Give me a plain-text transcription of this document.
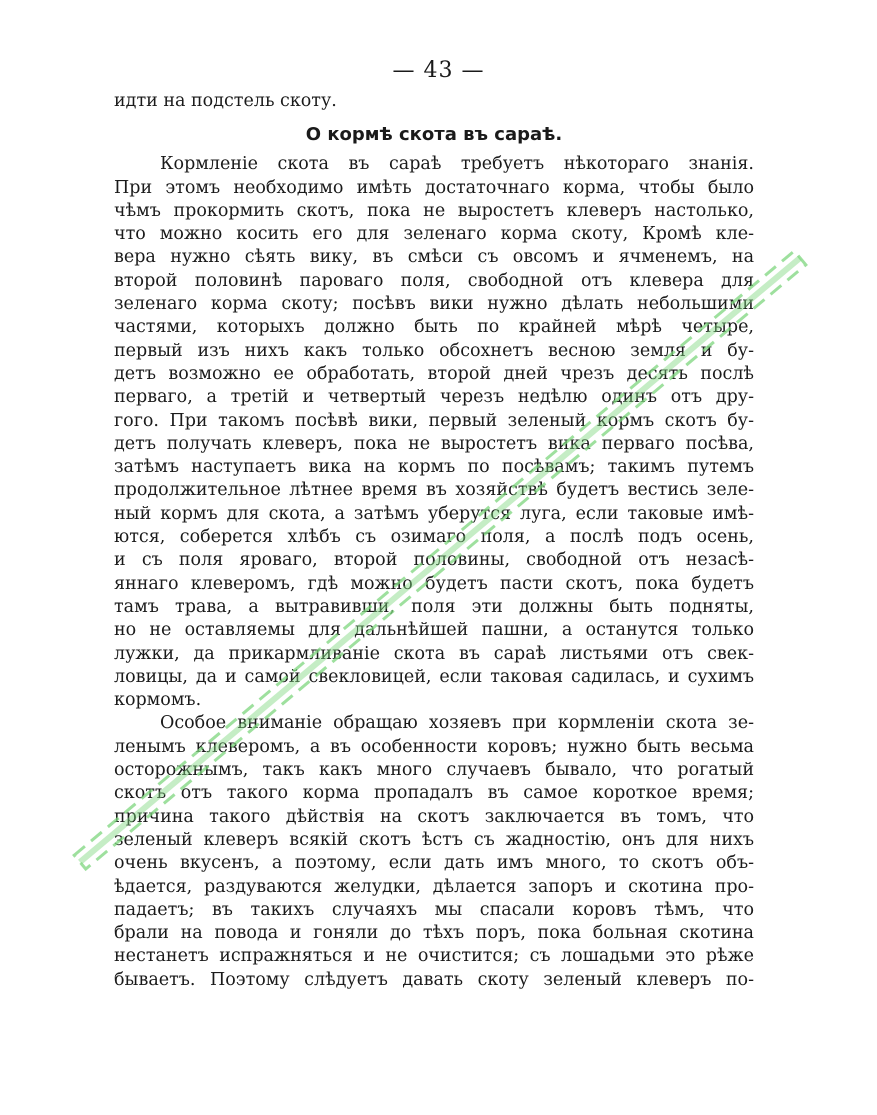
— 43 —
идти на подстель скоту.
О кормѣ скота въ сараѣ.
Кормленіе скота въ сараѣ требуетъ нѣкотораго знанія.
При этомъ необходимо имѣть достаточнаго корма, чтобы было
чѣмъ прокормить скотъ, пока не выростетъ клеверъ настолько,
что можно косить его для зеленаго корма скоту, Кромѣ кле-
вера нужно сѣять вику, въ смѣси съ овсомъ и ячменемъ, на
второй половинѣ пароваго поля, свободной отъ клевера для
зеленаго корма скоту; посѣвъ вики нужно дѣлать небольшими
частями, которыхъ должно быть по крайней мѣрѣ четыре,
первый изъ нихъ какъ только обсохнетъ весною земля и бу-
детъ возможно ее обработать, второй дней чрезъ десять послѣ
перваго, а третій и четвертый черезъ недѣлю одинъ отъ дру-
гого. При такомъ посѣвѣ вики, первый зеленый кормъ скотъ бу-
детъ получать клеверъ, пока не выростетъ вика перваго посѣва,
затѣмъ наступаетъ вика на кормъ по посѣвамъ; такимъ путемъ
продолжительное лѣтнее время въ хозяйствѣ будетъ вестись зеле-
ный кормъ для скота, а затѣмъ уберутся луга, если таковые имѣ-
ются, соберется хлѣбъ съ озимаго поля, а послѣ подъ осень,
и съ поля яроваго, второй половины, свободной отъ незасѣ-
яннаго клеверомъ, гдѣ можно будетъ пасти скотъ, пока будетъ
тамъ трава, а вытравивши, поля эти должны быть подняты,
но не оставляемы для дальнѣйшей пашни, а останутся только
лужки, да прикармливаніе скота въ сараѣ листьями отъ свек-
ловицы, да и самой свекловицей, если таковая садилась, и сухимъ
кормомъ.
Особое вниманіе обращаю хозяевъ при кормленіи скота зе-
ленымъ клеверомъ, а въ особенности коровъ; нужно быть весьма
осторожнымъ, такъ какъ много случаевъ бывало, что рогатый
скотъ отъ такого корма пропадалъ въ самое короткое время;
причина такого дѣйствія на скотъ заключается въ томъ, что
зеленый клеверъ всякій скотъ ѣстъ съ жадностію, онъ для нихъ
очень вкусенъ, а поэтому, если дать имъ много, то скотъ объ-
ѣдается, раздуваются желудки, дѣлается запоръ и скотина про-
падаетъ; въ такихъ случаяхъ мы спасали коровъ тѣмъ, что
брали на повода и гоняли до тѣхъ поръ, пока больная скотина
нестанетъ испражняться и не очистится; съ лошадьми это рѣже
бываетъ. Поэтому слѣдуетъ давать скоту зеленый клеверъ по-
